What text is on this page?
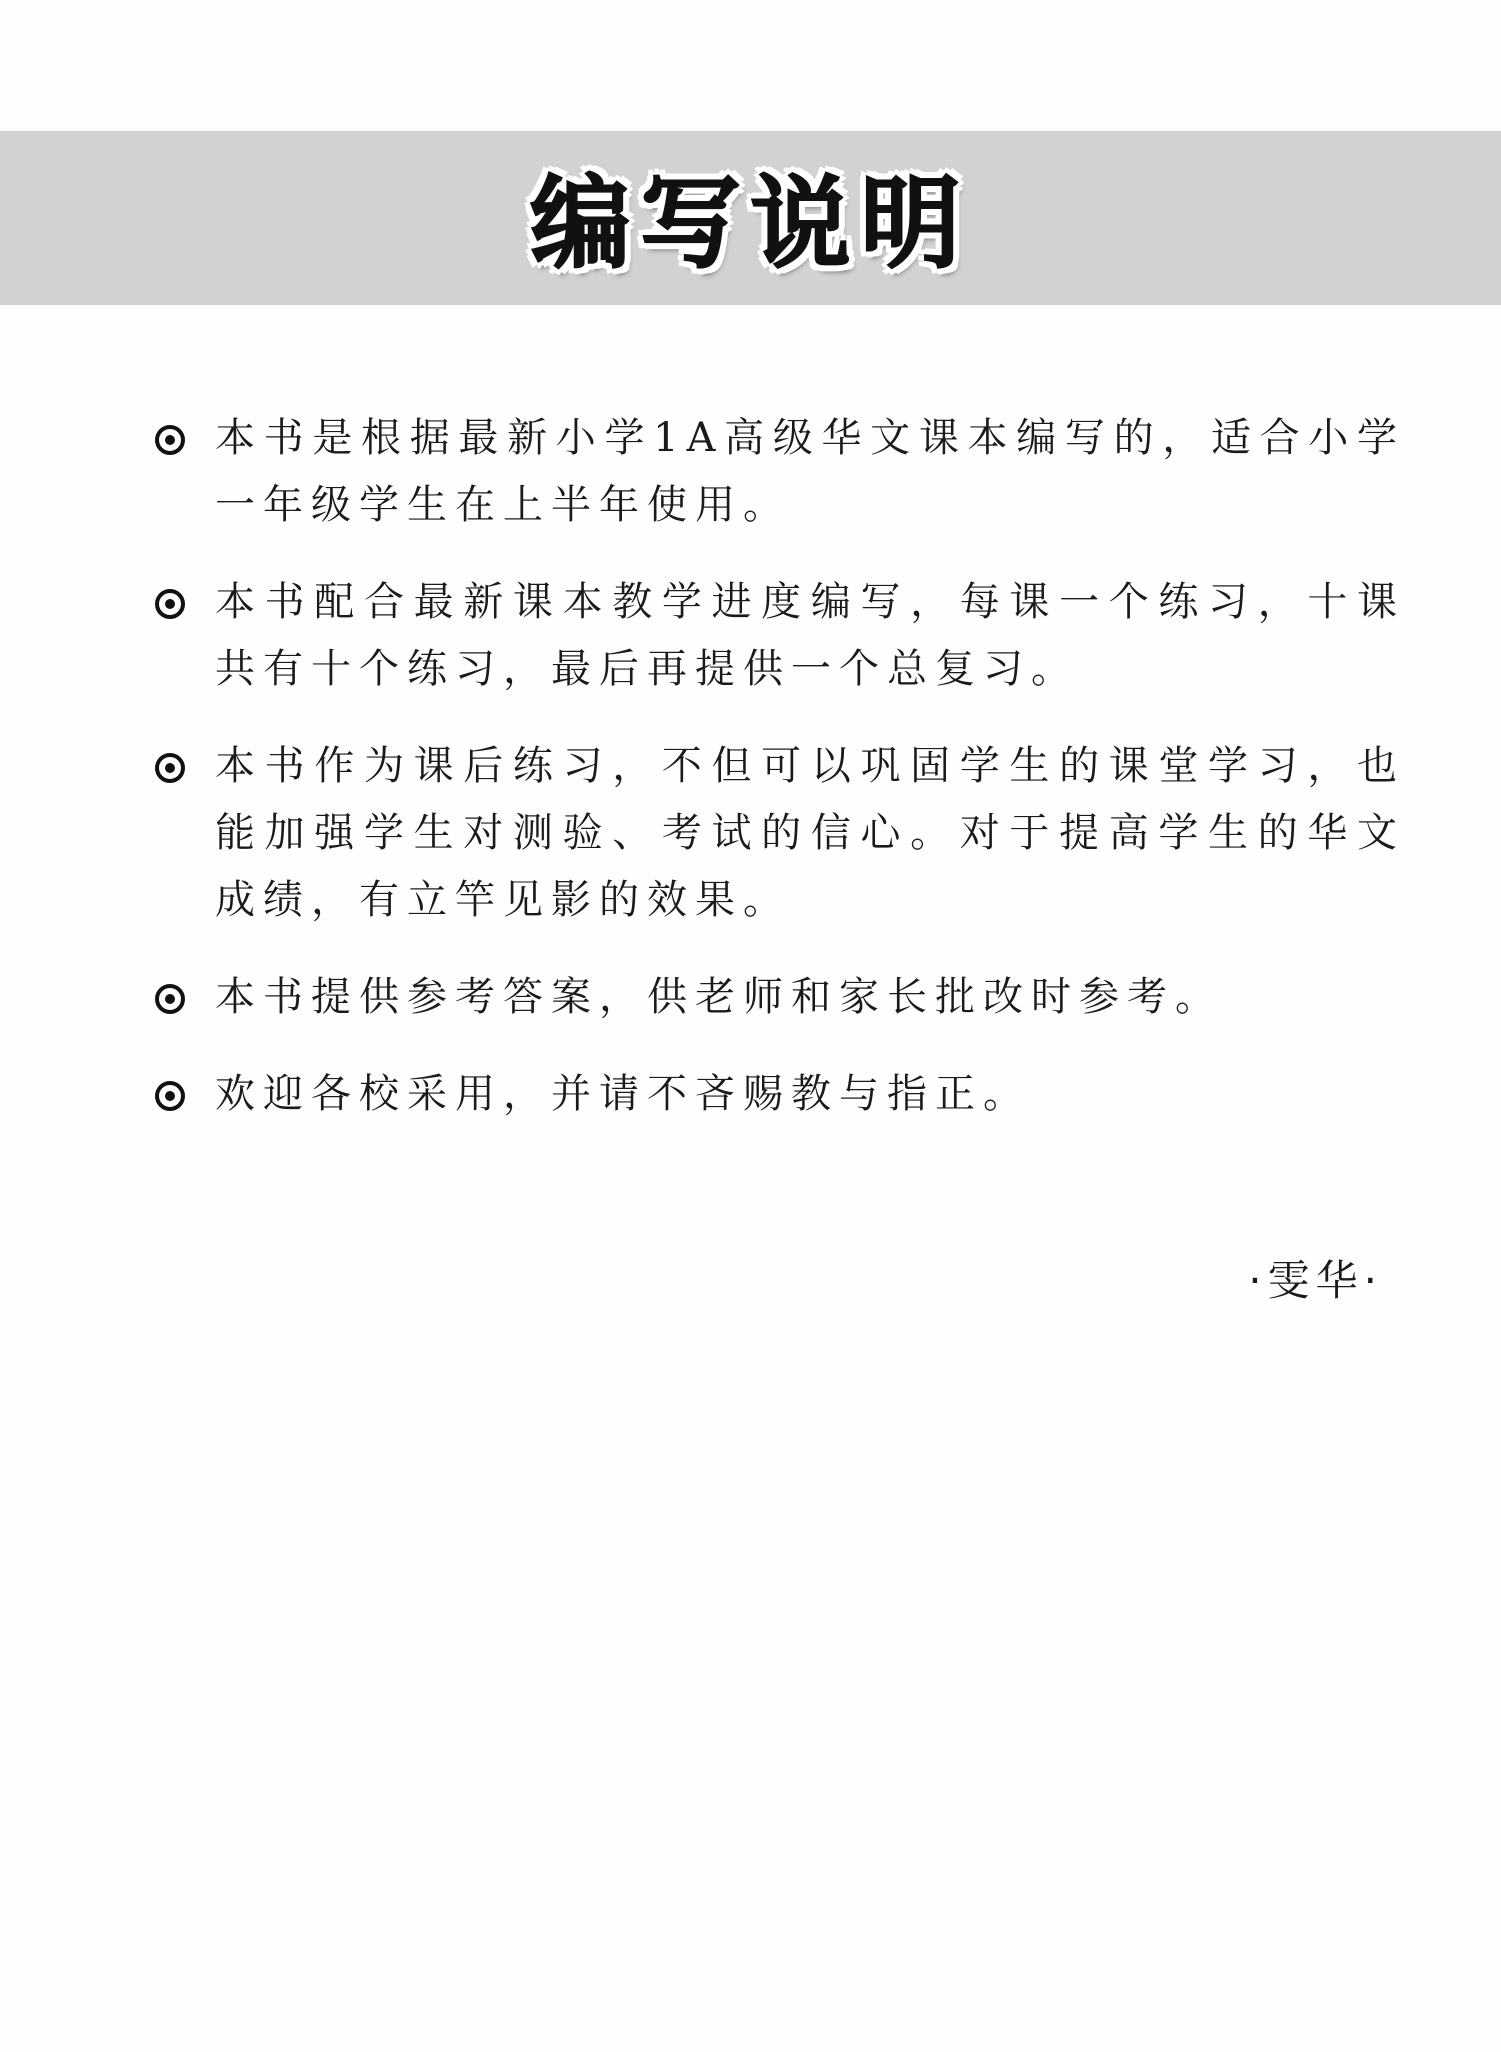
编写说明
本书是根据最新小学1A高级华文课本编写的，适合小学一年级学生在上半年使用。
本书配合最新课本教学进度编写，每课一个练习，十课共有十个练习，最后再提供一个总复习。
本书作为课后练习，不但可以巩固学生的课堂学习，也能加强学生对测验、考试的信心。对于提高学生的华文成绩，有立竿见影的效果。
本书提供参考答案，供老师和家长批改时参考。
欢迎各校采用，并请不吝赐教与指正。
·雯华·
